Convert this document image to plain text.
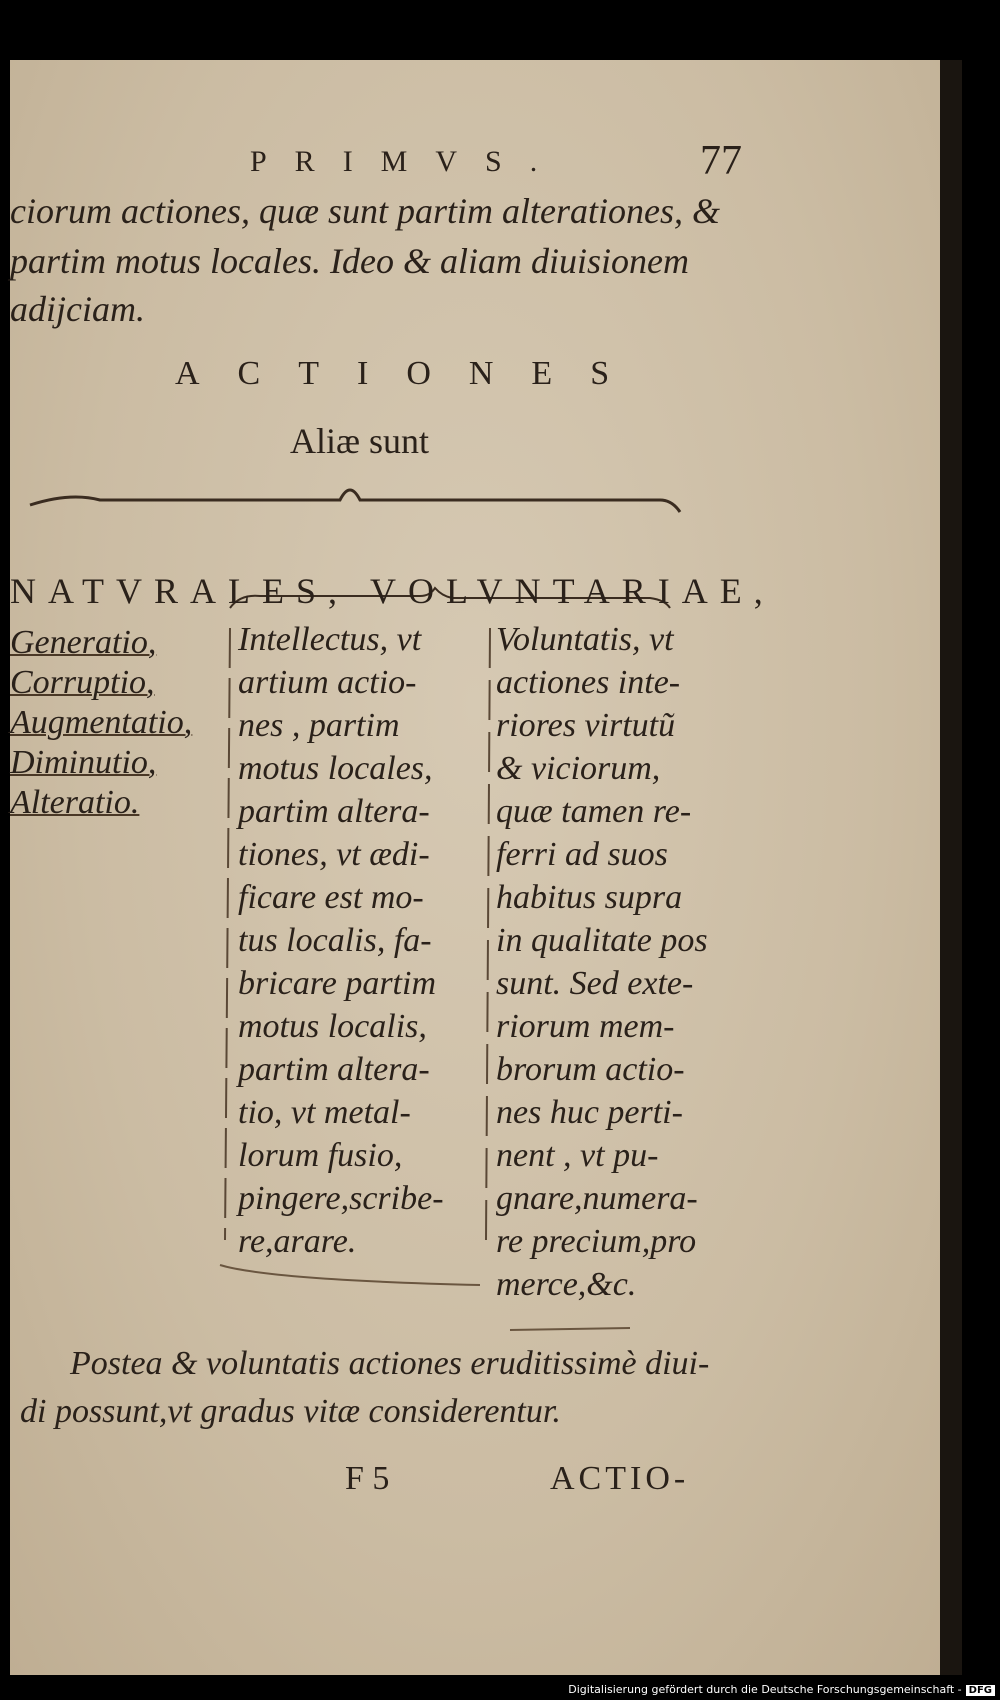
PRIMVS.	77
ciorum actiones, quæ sunt partim alterationes, &
partim motus locales. Ideo & aliam diuisionem
adijciam.
ACTIONES
Aliæ sunt
NATVRALES, VOLVNTARIAE,
Generatio,
Corruptio,
Augmentatio,
Diminutio,
Alteratio.
Intellectus, vt
artium actio-
nes , partim
motus locales,
partim altera-
tiones, vt ædi-
ficare est mo-
tus localis, fa-
bricare partim
motus localis,
partim altera-
tio, vt metal-
lorum fusio,
pingere,scribe-
re,arare.
Voluntatis, vt
actiones inte-
riores virtutũ
& viciorum,
quæ tamen re-
ferri ad suos
habitus supra
in qualitate pos
sunt. Sed exte-
riorum mem-
brorum actio-
nes huc perti-
nent , vt pu-
gnare,numera-
re precium,pro
merce,&c.
Postea & voluntatis actiones eruditissimè diui-
di possunt,vt gradus vitæ considerentur.
F 5	ACTIO-
Digitalisierung gefördert durch die Deutsche Forschungsgemeinschaft - DFG
